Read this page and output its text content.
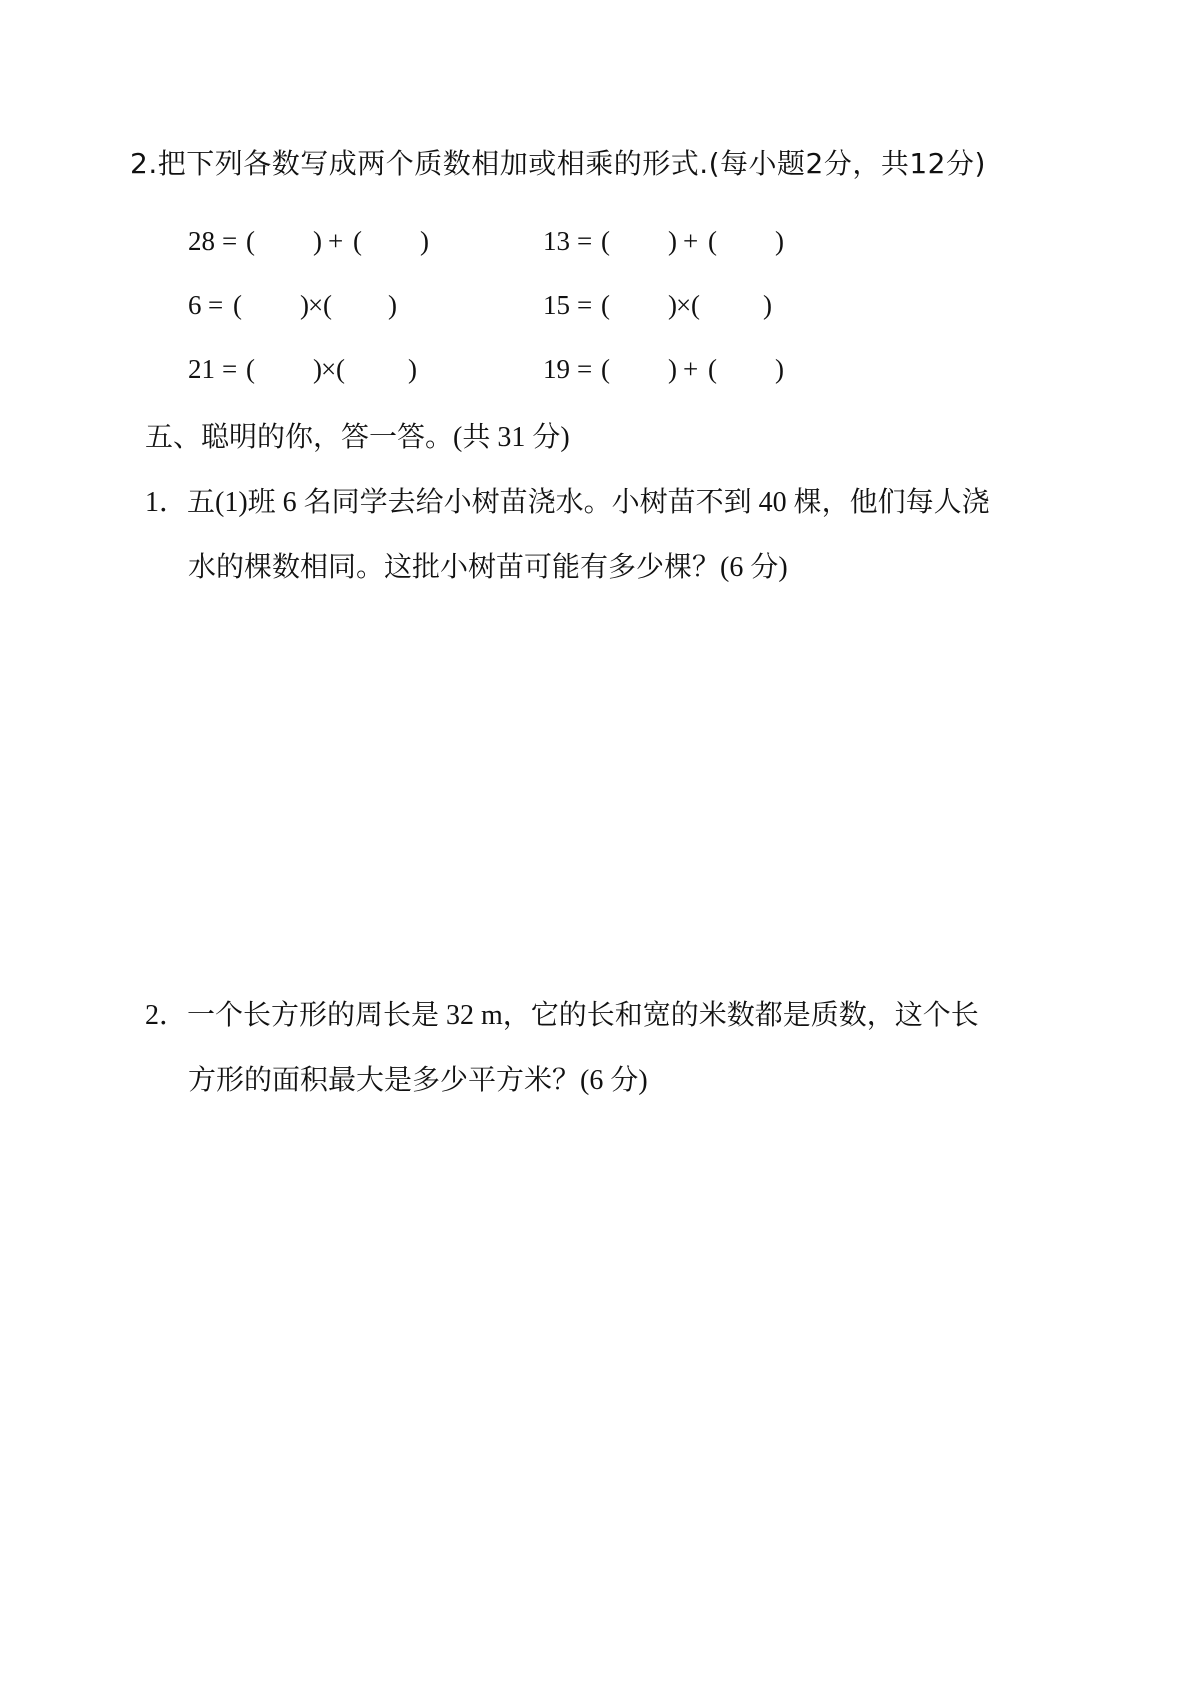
2.把下列各数写成两个质数相加或相乘的形式.(每小题2分，共12分)
28 = ( ) + ( )	13 = ( ) + ( )
6 = ( ) × ( )	15 = ( ) × ( )
21 = ( ) × ( )	19 = ( ) + ( )
五、聪明的你，答一答。(共 31 分)
1．五(1)班 6 名同学去给小树苗浇水。小树苗不到 40 棵，他们每人浇
水的棵数相同。这批小树苗可能有多少棵？(6 分)
2．一个长方形的周长是 32 m，它的长和宽的米数都是质数，这个长
方形的面积最大是多少平方米？(6 分)
